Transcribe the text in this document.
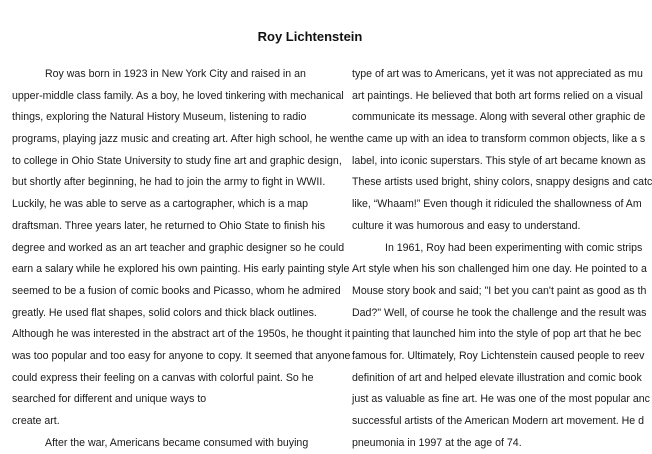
Roy Lichtenstein
Roy was born in 1923 in New York City and raised in an
upper-middle class family. As a boy, he loved tinkering with mechanical
things, exploring the Natural History Museum, listening to radio
programs, playing jazz music and creating art. After high school, he went
to college in Ohio State University to study fine art and graphic design,
but shortly after beginning, he had to join the army to fight in WWII.
Luckily, he was able to serve as a cartographer, which is a map
draftsman. Three years later, he returned to Ohio State to finish his
degree and worked as an art teacher and graphic designer so he could
earn a salary while he explored his own painting. His early painting style
seemed to be a fusion of comic books and Picasso, whom he admired
greatly. He used flat shapes, solid colors and thick black outlines.
Although he was interested in the abstract art of the 1950s, he thought it
was too popular and too easy for anyone to copy. It seemed that anyone
could express their feeling on a canvas with colorful paint. So he
searched for different and unique ways to
create art.
After the war, Americans became consumed with buying
type of art was to Americans, yet it was not appreciated as mu
art paintings. He believed that both art forms relied on a visual
communicate its message. Along with several other graphic de
he came up with an idea to transform common objects, like a s
label, into iconic superstars. This style of art became known as
These artists used bright, shiny colors, snappy designs and catc
like, “Whaam!” Even though it ridiculed the shallowness of Am
culture it was humorous and easy to understand.
In 1961, Roy had been experimenting with comic strips
Art style when his son challenged him one day. He pointed to a
Mouse story book and said; "I bet you can't paint as good as th
Dad?" Well, of course he took the challenge and the result was
painting that launched him into the style of pop art that he bec
famous for. Ultimately, Roy Lichtenstein caused people to reev
definition of art and helped elevate illustration and comic book
just as valuable as fine art. He was one of the most popular anc
successful artists of the American Modern art movement. He d
pneumonia in 1997 at the age of 74.
